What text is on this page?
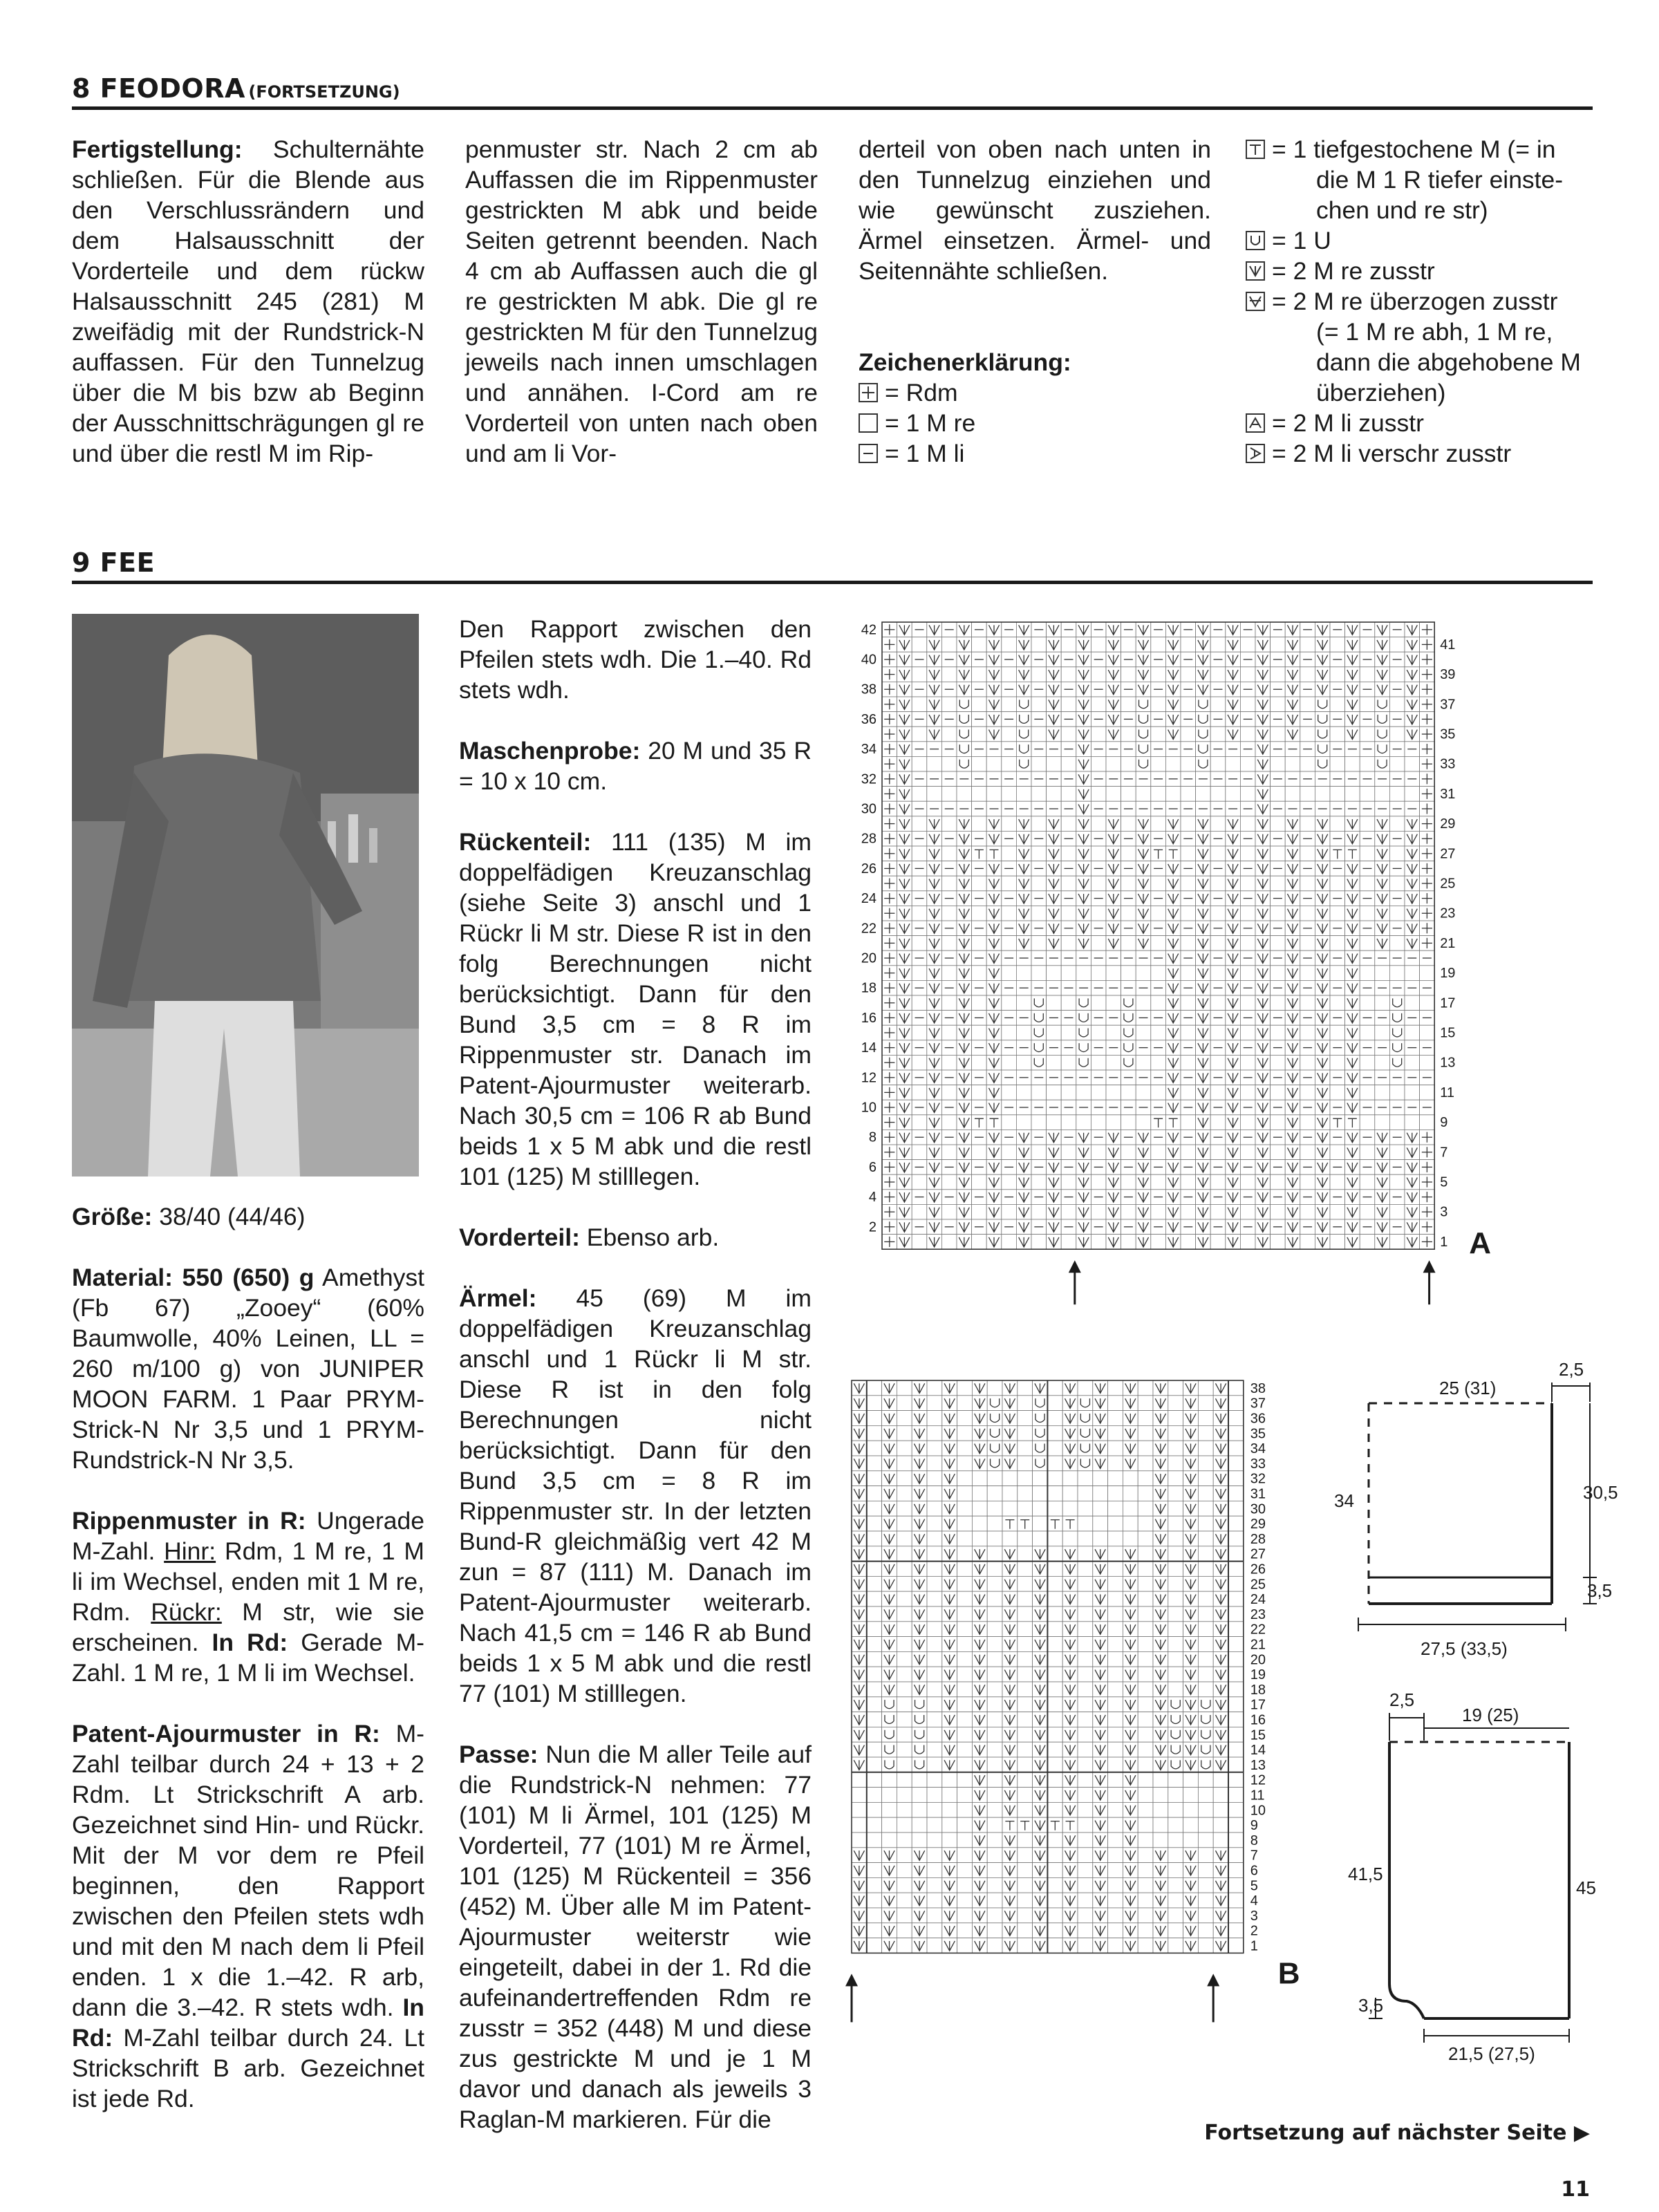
8 FEODORA (FORTSETZUNG)

Fertigstellung: Schulternähte schließen. Für die Blende aus den Verschlussrändern und dem Halsausschnitt der Vorderteile und dem rückw Halsausschnitt 245 (281) M zweifädig mit der Rundstrick-N auffassen. Für den Tunnelzug über die M bis bzw ab Beginn der Ausschnittschrägungen gl re und über die restl M im Rip-

penmuster str. Nach 2 cm ab Auffassen die im Rippenmuster gestrickten M abk und beide Seiten getrennt beenden. Nach 4 cm ab Auffassen auch die gl re gestrickten M abk. Die gl re gestrickten M für den Tunnelzug jeweils nach innen umschlagen und annähen. I-Cord am re Vorderteil von unten nach oben und am li Vor-

derteil von oben nach unten in den Tunnelzug einziehen und wie gewünscht zusziehen. Ärmel einsetzen. Ärmel- und Seitennähte schließen.

Zeichenerklärung:
= Rdm
= 1 M re
= 1 M li
= 1 tiefgestochene M (= in
die M 1 R tiefer einste-
chen und re str)
= 1 U
= 2 M re zusstr
= 2 M re überzogen zusstr
(= 1 M re abh, 1 M re,
dann die abgehobene M
überziehen)
= 2 M li zusstr
= 2 M li verschr zusstr
9 FEE

Größe: 38/40 (44/46)

Material: 550 (650) g Amethyst (Fb 67) „Zooey“ (60% Baumwolle, 40% Leinen, LL = 260 m/100 g) von JUNIPER MOON FARM. 1 Paar PRYM-Strick-N Nr 3,5 und 1 PRYM-Rundstrick-N Nr 3,5.

Rippenmuster in R: Ungerade M-Zahl. Hinr: Rdm, 1 M re, 1 M li im Wechsel, enden mit 1 M re, Rdm. Rückr: M str, wie sie erscheinen. In Rd: Gerade M-Zahl. 1 M re, 1 M li im Wechsel.

Patent-Ajourmuster in R: M-Zahl teilbar durch 24 + 13 + 2 Rdm. Lt Strickschrift A arb. Gezeichnet sind Hin- und Rückr. Mit der M vor dem re Pfeil beginnen, den Rapport zwischen den Pfeilen stets wdh und mit den M nach dem li Pfeil enden. 1 x die 1.–42. R arb, dann die 3.–42. R stets wdh. In Rd: M-Zahl teilbar durch 24. Lt Strickschrift B arb. Gezeichnet ist jede Rd.

Den Rapport zwischen den Pfeilen stets wdh. Die 1.–40. Rd stets wdh.

Maschenprobe: 20 M und 35 R = 10 x 10 cm.

Rückenteil: 111 (135) M im doppelfädigen Kreuzanschlag (siehe Seite 3) anschl und 1 Rückr li M str. Diese R ist in den folg Berechnungen nicht berücksichtigt. Dann für den Bund 3,5 cm = 8 R im Rippenmuster str. Danach im Patent-Ajourmuster weiterarb. Nach 30,5 cm = 106 R ab Bund beids 1 x 5 M abk und die restl 101 (125) M stilllegen.

Vorderteil: Ebenso arb.

Ärmel: 45 (69) M im doppelfädigen Kreuzanschlag anschl und 1 Rückr li M str. Diese R ist in den folg Berechnungen nicht berücksichtigt. Dann für den Bund 3,5 cm = 8 R im Rippenmuster str. In der letzten Bund-R gleichmäßig vert 42 M zun = 87 (111) M. Danach im Patent-Ajourmuster weiterarb. Nach 41,5 cm = 146 R ab Bund beids 1 x 5 M abk und die restl 77 (101) M stilllegen.

Passe: Nun die M aller Teile auf die Rundstrick-N nehmen: 77 (101) M li Ärmel, 101 (125) M Vorderteil, 77 (101) M re Ärmel, 101 (125) M Rückenteil = 356 (452) M. Über alle M im Patent-Ajourmuster weiterstr wie eingeteilt, dabei in der 1. Rd die aufeinandertreffenden Rdm re zusstr = 352 (448) M und diese zus gestrickte M und je 1 M davor und danach als jeweils 3 Raglan-M markieren. Für die

42
40
38
36
34
32
30
28
26
24
22
20
18
16
14
12
10
8
6
4
2
41
39
37
35
33
31
29
27
25
23
21
19
17
15
13
11
9
7
5
3
1 A
38
37
36
35
34
33
32
31
30
29
28
27
26
25
24
23
22
21
20
19
18
17
16
15
14
13
12
11
10
9
8
7
6
5
4
3
2
1
B
25 (31)
2,5
34	30,5
3,5
27,5 (33,5)
2,5
19 (25)
41,5
45
3,5
21,5 (27,5)
Fortsetzung auf nächster Seite ▶
11
